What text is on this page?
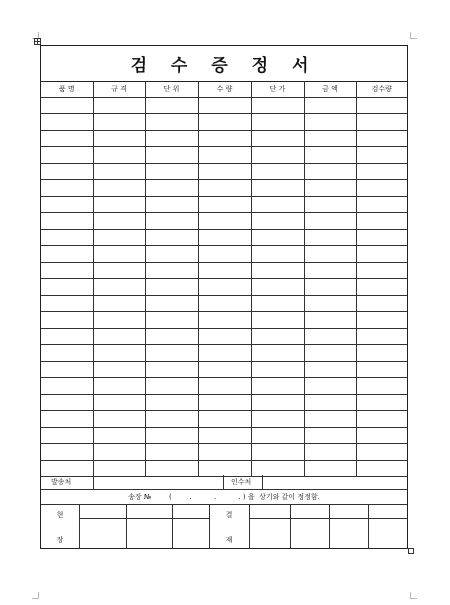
검 수 증 정 서
품 명	규 격	단 위	수 량	단 가	금 액	검수량

발송처	인수처
송장 №        (        .          .          . ) 을  상기와 같이 정정함.
현
장
결
재
